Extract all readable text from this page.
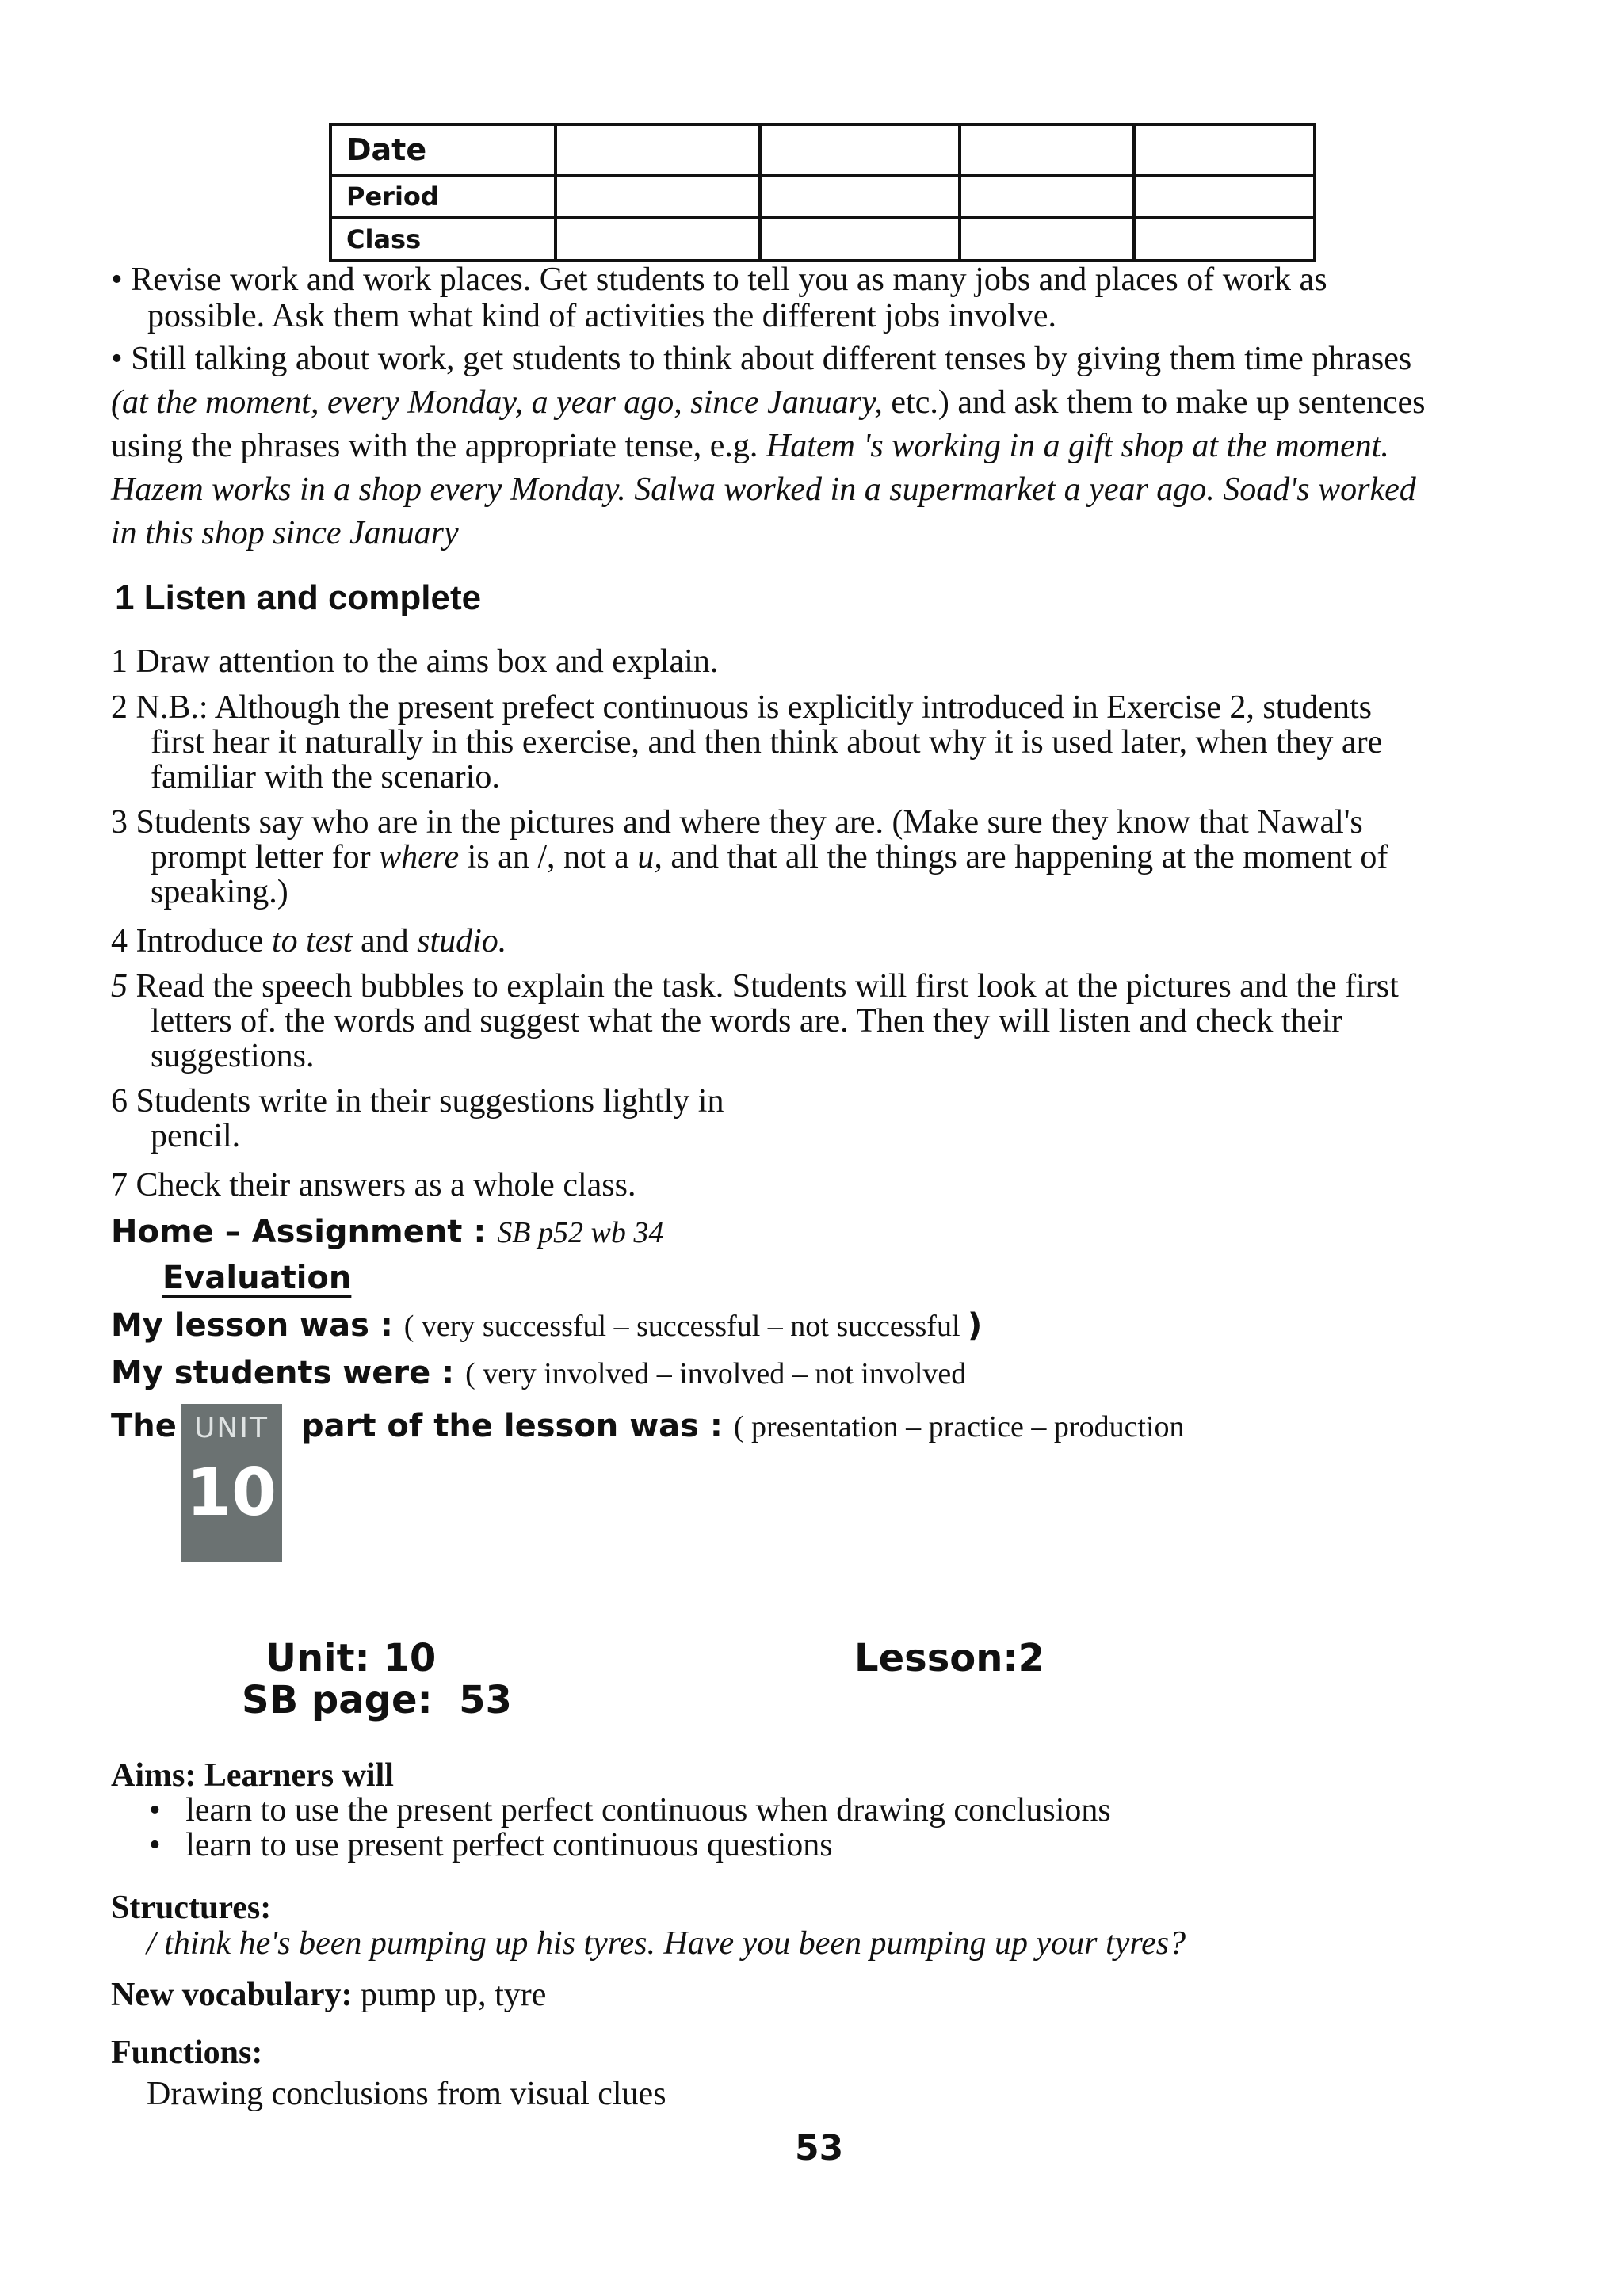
Date				
Period				
Class				
• Revise work and work places. Get students to tell you as many jobs and places of work as
possible. Ask them what kind of activities the different jobs involve.
• Still talking about work, get students to think about different tenses by giving them time phrases
(at the moment, every Monday, a year ago, since January, etc.) and ask them to make up sentences
using the phrases with the appropriate tense, e.g. Hatem 's working in a gift shop at the moment.
Hazem works in a shop every Monday. Salwa worked in a supermarket a year ago. Soad's worked
in this shop since January
1 Listen and complete
1 Draw attention to the aims box and explain.
2 N.B.: Although the present prefect continuous is explicitly introduced in Exercise 2, students
first hear it naturally in this exercise, and then think about why it is used later, when they are
familiar with the scenario.
3 Students say who are in the pictures and where they are. (Make sure they know that Nawal's
prompt letter for where is an /, not a u, and that all the things are happening at the moment of
speaking.)
4 Introduce to test and studio.
5 Read the speech bubbles to explain the task. Students will first look at the pictures and the first
letters of. the words and suggest what the words are. Then they will listen and check their
suggestions.
6 Students write in their suggestions lightly in
pencil.
7 Check their answers as a whole class.
Home – Assignment : SB p52 wb 34
Evaluation
My lesson was : ( very successful – successful – not successful )
My students were : ( very involved – involved – not involved
The	part of the lesson was : ( presentation – practice – production
UNIT
10
Unit: 10	Lesson:2
SB page:  53
Aims: Learners will
•   learn to use the present perfect continuous when drawing conclusions
•   learn to use present perfect continuous questions
Structures:
/ think he's been pumping up his tyres. Have you been pumping up your tyres?
New vocabulary: pump up, tyre
Functions:
Drawing conclusions from visual clues
53
